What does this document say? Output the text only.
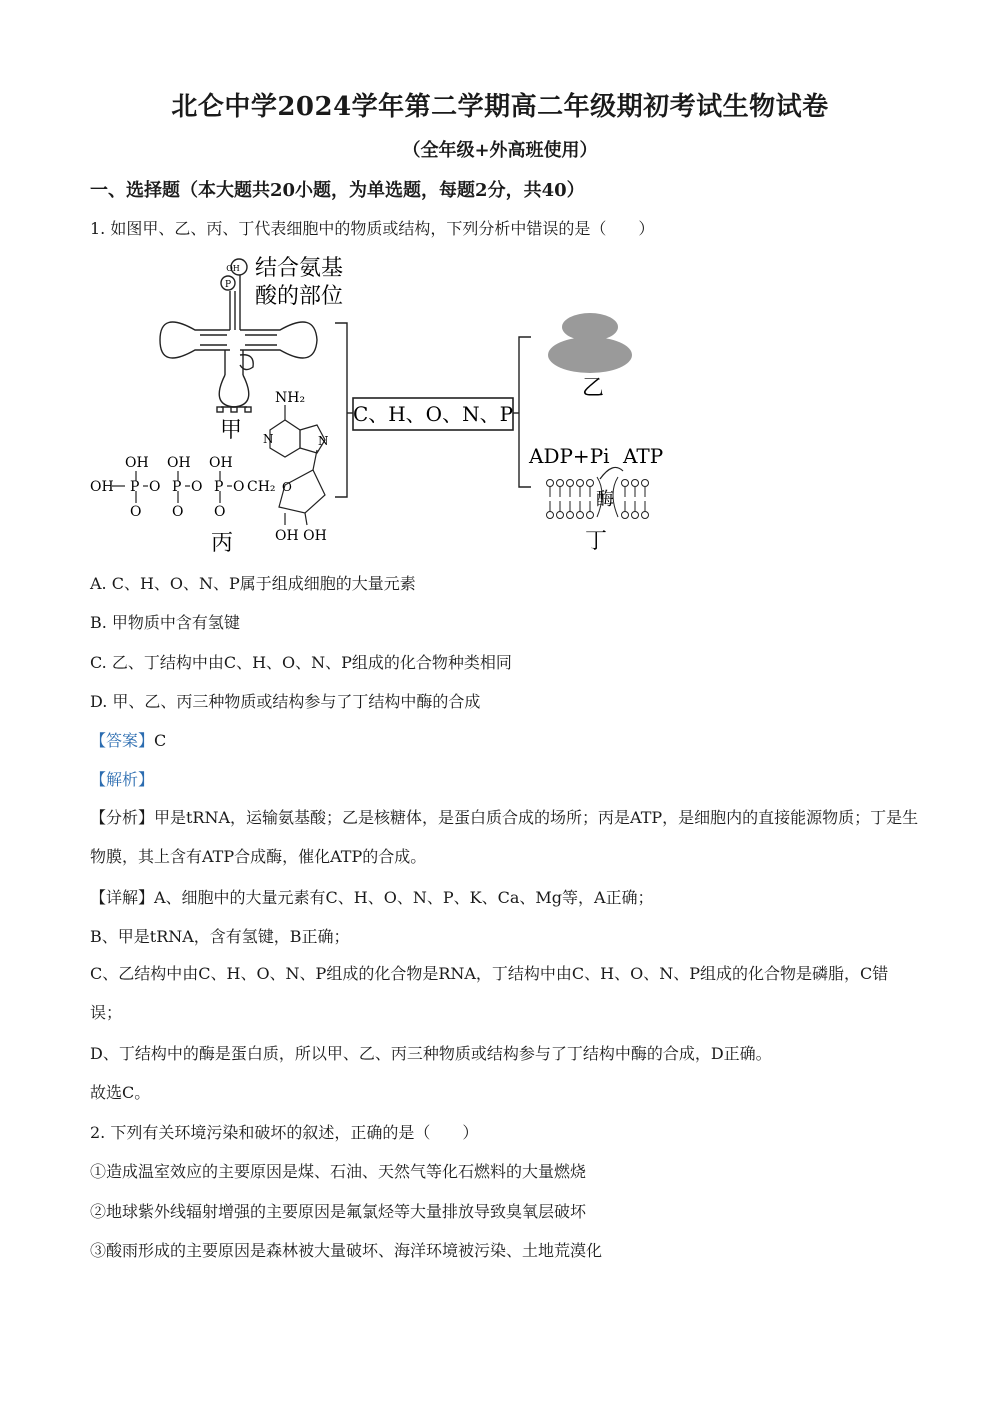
北仑中学2024学年第二学期高二年级期初考试生物试卷
（全年级+外高班使用）
一、选择题（本大题共20小题，为单选题，每题2分，共40）
1. 如图甲、乙、丙、丁代表细胞中的物质或结构，下列分析中错误的是（　　）
OH
P
结合氨基
酸的部位
甲
OH
OH OH OH
P P P
O O O
O O O
CH₂ O
NH₂
N
N
OH OH
丙
C、H、O、N、P
乙
ADP+Pi ATP
酶
丁
A. C、H、O、N、P属于组成细胞的大量元素
B. 甲物质中含有氢键
C. 乙、丁结构中由C、H、O、N、P组成的化合物种类相同
D. 甲、乙、丙三种物质或结构参与了丁结构中酶的合成
【答案】C
【解析】
【分析】甲是tRNA，运输氨基酸；乙是核糖体，是蛋白质合成的场所；丙是ATP，是细胞内的直接能源物质；丁是生物膜，其上含有ATP合成酶，催化ATP的合成。
【详解】A、细胞中的大量元素有C、H、O、N、P、K、Ca、Mg等，A正确；
B、甲是tRNA，含有氢键，B正确；
C、乙结构中由C、H、O、N、P组成的化合物是RNA，丁结构中由C、H、O、N、P组成的化合物是磷脂，C错误；
D、丁结构中的酶是蛋白质，所以甲、乙、丙三种物质或结构参与了丁结构中酶的合成，D正确。
故选C。
2. 下列有关环境污染和破坏的叙述，正确的是（　　）
①造成温室效应的主要原因是煤、石油、天然气等化石燃料的大量燃烧
②地球紫外线辐射增强的主要原因是氟氯烃等大量排放导致臭氧层破坏
③酸雨形成的主要原因是森林被大量破坏、海洋环境被污染、土地荒漠化
